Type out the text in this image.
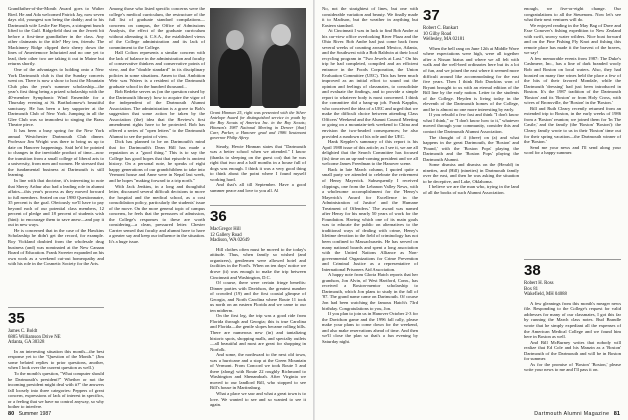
Grandfather-of-the-Month Award goes to Walter Ried. He and Ada welcomed Patrick Jay, now seven days old, youngest son being the daddy; and to his Dartmouth wife Leslie Fae Hayes, a stringent bunch lifted to the Gulf. Ridgefield dust on the Jewett bit before a first-time grandfather in the class. Any other claimants to the title? Hey ten, friends: The Mackinney Ridge clipped their sherry down the lines of Ameriemoce Infuriated and no one yet to lead, their other two are taking it out in Maine but returns shortly.

One of the advantages to holding onto a New York Dartmouth club is that the Sunday concerts went on. There is now a show to host the Mountain Club plus the year's summer scholarship—the year's first thing being a prized scholarship with the 40-member Symphonic Wind Ensemble for a Thursday evening at St. Bartholomew's beautiful sanctuary. He has been a key supporter at the Dartmouth Club of New York. Jumping in all the Glee Club was so immodest to singing the Brass Theatre piece.

It has been a busy spring for the New York annual Westchester Dartmouth Club dinner. Professor Jim Wright was there to bring us up to date on Hanover happenings. Said he'd be pointed to changes in the inevitable product of time—now the transition from a small college of liberal arts to a university, from men and women. He stressed that the fundamental business at Dartmouth is still learning.

In line with that doctrine, it's interesting to note that Sherry Arthur also had a leading role in alumni affairs—this year's process as they moved forward to full members. Seated on our 1980 Questionnaire, 35 percent is the goal. Obviously we'll have to pay beyond each of our potential class members, 12 percent of pledge and 18 percent of students wish (hint): to encourage them to save anew—and pay it out in new ways.

He is concerned that in the case of the Hawkins Scholarship he didn't get the record, for example. Roy Vickland doubted from the wholesale drug business (and) was nominated at the New Canaan Board of Education. Frank Sweeter expanded on his own work as a weekend cut-out homeopathy and with his role in the Cosmetic Society for the Arts.

35
James C. Boldt
6885 Williamson Drive NE
Atlanta, GA 30328

In an interesting situation this month—the best response yet to the "Question of the Month." (Jim some belated replies to prior questions, another, when I look over the current question as well.)

To the month's question, "What computer should be Dartmouth's president?" Whether or not the incoming president might deal with it?" the answers fall loosely into three categories: Peppers of great concern, expressions of lack of interest in specifics, or a feeling that we have no control anyway, so why bother to interfere.

Among those who listed specific concerns were the college's medical curriculum, the restructure of the full list of graduate standard compilations—concerns on campus, the Office of Admissions Analysis, the effect of the graduate curriculum without alienating it. C.S.A., the established views of the College administration and its lack of commitment to the College.

Hall Colton represents a similar concern with the lack of balance in the administration and faculty of conservative thinkers and conservative points of view, and the "double standard" in its disciplinary policies in some situations. Amen to that. Ambition Weir was Waters is a resident of the Dartmouth graduate school in the hundred thousand...

Bob Redeke serves us (on the question raised by the Dartmouth library): how to acquire the vigor of the independent of the Dartmouth Alumni Association. The administration is a grave to Bob's suggestion that some action be taken by the Association (the) idea that the Review's first amendment rights have to be protected. Bob has offered a series of "open letters" to the Dartmouth Alumni to see the point of view.

Dick has planned to be on Dartmouth's mind that for Dartmouth's Dean Hill has made a reputation as a "good thing." This is to say the College has good hopes that that episode is ancient history. On a personal note, he speaks of eight happy generations of our grandchildren to take into Vermont house and Anne were in Nepal last week, and he hopes "making forward to a trip north."

With Jack Jenkins, in a long and thoughtful letter, discussed several difficult decisions to move the hospital and the medical school, as a cost consolidation policy, particularly the students' issue of the move. On the more general topic of campus concerns, he feels that the pressures of admission, the College's responses to these are worth considering—a clean, pressured letter. Chester Carrier sensed that faculty and alumni have to have a greater say and keep our influence in the situation. It's a huge issue.

Grant Hinman 25, right was presented with the Silver Antelope Award for distinguished service to youth by the Boy Scouts of America Inc. in the Boy Scouts; Hinman's 1987 National Meeting in Denver [that] Carr, Parker, a Hanover grad and 1986 lieutenant governor Philip Aftrey.

Steady, Hewie Hinman states that "Dartmouth was a better school when we attended." I know (thanks to sleeping on the guest cot) that he was right that two and a half months in a house full of dogs was enough. I think it was a very good thing to think about the point where I found myself working hard.

And that's all till September. Have a good summer peace and love to you all. Al

36
MacGregor Hill
12 Gallery Road
Madison, WA 02649

Hill clothes often must be moved to the today's attitude. Thus, when family so wished (and organizers), gentlemen were allowed hotel and facilities in the Ford's. When on ten days' notice we drove (it) was enough to make the trip between Cincinnati and Washington, D.C.

Of course, there were certain fringe benefits: Dinner parties with Davidson, the greatest number of crowded (19) and the first coastal glimpse of Georgia, and North Carolina where Route 11 took us north on an eastern Florida and we came to our ten midterm.

On the first leg, the trip was a good ride from Florida through and Georgia; this is true Carolina and Florida—the gentle slopes became rolling hills. There are numerous new (in) and tantalizing historic spots, shopping malls, and specialty outlets—all beautiful and most are great for shopping in Norfolk.

And some, the northward to the next old town, was a hurricane and a stop at the Green Mountain of Vermont. From Concord we took Route 5 and there (along) with Route 22 roughly Richmond to Washington and Shenandoah. After Virginia we moved to our landlord Bill, who stopped to see Bill's house in Martinsburg.

What a place we saw and what a great town is to love. We wanted to see and so wanted to see it again.

80 Summer 1987

No, not the straightest of lines, but one with considerable variation and beauty. We finally made it to Madison, but the weather in anything but Eastern standard.

At Cincinnati I was in luck to find Bob Andre at his car-view office overlooking River Plaza and the Ohio River. Bob Andre had just come back from several weeks of counting around Mexico, Atlanta, and the Southwest with a Bob Baldwin at their local recycling program in "Two Jewels at Last." On his trip he had completed, compiled and an efficient entrance in the Foods Corporation, the Union Evaluation Committee (UEC). This has been much improved as an initial effort to sound out the opinion and feelings of classmates, to consolidate and evaluate the findings, and to provide a simple report to whatever body is most concerned. I think the committee did a bang-up job. Frank Kapplin, who conceived the idea of a UEC and urged that we make the difficult choice between attending Class Officers' Weekend and the Alumni Council Meeting or going on a mountain-trek weekend to China and envision the two-headed consequences; he also provided a rundown of his role and the UEC.

Hank Keppler's summary of this report is his April 1988 issue of this article; as I see it, we are all delighted that the Search Committee has focused (its) time on an up-and-coming president and we all welcome James Freedman to the Hanover scene.

Back in late March column, I quoted quite a small party we attended to celebrate the retirement of Henry Mayerick. Subsequently I received clippings, one from the Lebanon Valley News, with a wholesome accomplishment for the 'Henry's Mayerick's Award for Excellence in the Administration of Justice' and the Humane Treatment of Offenders.' The award was named after Henry for his nearly 50 years of work for the Foundation. Having which one of its main goals was to educate the public on alternatives to the traditional ways of dealing with crime, Henry's lifetime devotion to the field of criminology has not been confined to Massachusetts. He has served on many national boards and spent a long association with the United Nations Alliance as Non-governmental Organizations for Crime Prevention and Criminal Justice as a representative of International Prisoners Aid Association.

A happy note from Gloria Hatch reports that her grandson, Jon Alvin, of West Hartford, Conn., has received a Boston-mentor scholarship to Dartmouth, which Jon plans to study in the fall of '87. The grand name came on Dartmouth. Of course Jon had been watching the famous Hatch's 73rd birthday. Congratulations to you, Jon.

If you plan to join us in Hanover October 2-3 for the Davidson game and the 1996 fall rally, please make your plans to come down for the weekend, and also make reservations ahead of time. And then we'll close the plan so that's a fun evening by Saturday night.

37
Robert C. Bankart
10 Gilby Road
Wellesley, MA 02181

When the bell rang on June 12th at Middle Wave where expectations were high, were all together after a Nissan hiatus and where we all felt with walk and the well-bred ordinaries here but its a lot of fun, and we joined the east where it seemed more difficult around like accommodating for the east five years. Then I think Bob Dawkins won of Bryant brought to us with an eternal edition of the Bill line by the early nation. Letter to the students of the College. Heyden is living today in the eleventh of the Dartmouth homes of the College, and he is almost no one more interesting by early.

If you rebuild a few fast and think "I don't know what I think," or "I don't know how to it," whatever moved through your community, consider this and contact the Dartmouth Alumni Association.

The thought of 4 (three) on (a) and what happens in the great Dartmouth, the 'Boston' and 'Pound,' with the 'Boston Pops' playing the Dartmouth and the 'Boston Pops' playing the Dartmouth Alumni.

Some dismiss and dismiss on the (Herald) in nineties, and (Hill) (nineties) in Dartmouth family over the east, and then he was asking the situation to be deceptive, and Lake, Oklahoma.

I believe we are the man who, trying in the land of all the books of such Alumni Association.

enough, we five-or-eight change. Our congratulations to all the Steuenons. Now let's see what their next ventures will do.

We enjoyed reading in the May Bag of Dave and Esse Conover's fishing expedition to New Zealand with swift, snowy water wilders. Nice boat forward and on the Fine Fishing Fly Knot and fishing this remote place has made it the bravest of the braves, we say!

A few memorable events from 1987: The Duke's Cashmere, Inc., has a line of dark branded wooly Bob and Boston on local waters. Also, they had boasted on many fine wines held the place a few of the hits of their favored Mondale, while the Dartmouth 'dressing' had just been introduced in Boston. It's the 1987 tradition of the Dartmouth 'Boston' and its 'Boston' or from Holy Cross, with wives of Bronxville, the 'Boston' in the 'Boston.'

Bill and Ruth Cleary recently returned from an extended trip to Boston, in the early weeks of 1986 from a 'Boston' reunion; we joined them for 'In The Castle,' and the family (the 'Boston' 'Boston'): the Cleary family wrote to us in their 'Boston' time out for their spring vacation—the Dartmouth winner of the 'Boston.'

Send me your news and I'll send along your word for a happy summer.

38
Robert H. Ross
Box 81
Wakefield, MH 04088

A few gleanings from this month's meager news file. Responding to the College's request for valid addresses for many of our classmates, I got this far by running the March class notes. Bud Brandle wrote that he simply expediant all the expenses of the American Medical College and we found him here in Boston as well.

And Bill McBurney writes that nobody will realize that Ed Cole and his Manzin as a 'Boston' Dartmouth of the Dartmouth and will be in Boston for summer.

As for the promise of 'Boston' 'Boston,' please write your news to me and I'll pass it on.

Dartmouth Alumni Magazine 81
